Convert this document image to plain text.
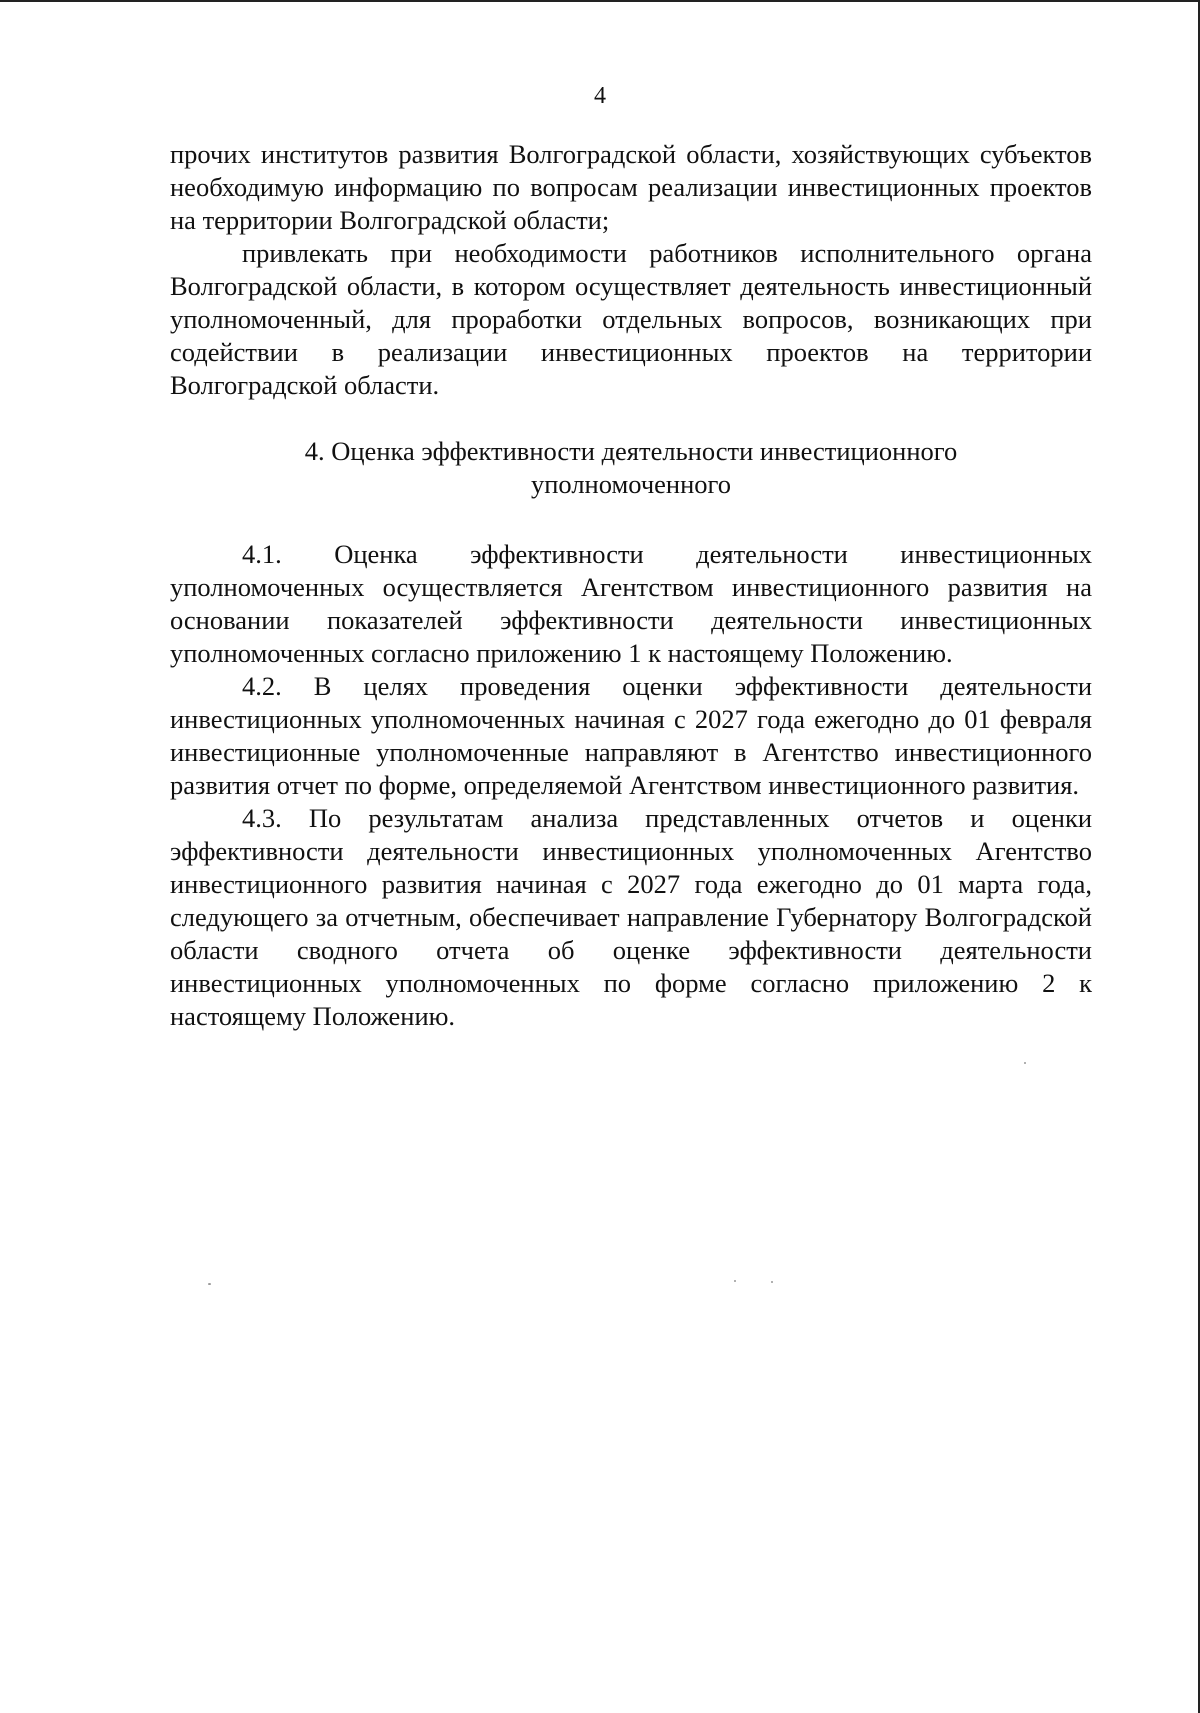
4

прочих институтов развития Волгоградской области, хозяйствующих субъектов необходимую информацию по вопросам реализации инвестиционных проектов на территории Волгоградской области;

привлекать при необходимости работников исполнительного органа Волгоградской области, в котором осуществляет деятельность инвестиционный уполномоченный, для проработки отдельных вопросов, возникающих при содействии в реализации инвестиционных проектов на территории Волгоградской области.

4. Оценка эффективности деятельности инвестиционного
уполномоченного

4.1. Оценка эффективности деятельности инвестиционных уполномоченных осуществляется Агентством инвестиционного развития на основании показателей эффективности деятельности инвестиционных уполномоченных согласно приложению 1 к настоящему Положению.

4.2. В целях проведения оценки эффективности деятельности инвестиционных уполномоченных начиная с 2027 года ежегодно до 01 февраля инвестиционные уполномоченные направляют в Агентство инвестиционного развития отчет по форме, определяемой Агентством инвестиционного развития.

4.3. По результатам анализа представленных отчетов и оценки эффективности деятельности инвестиционных уполномоченных Агентство инвестиционного развития начиная с 2027 года ежегодно до 01 марта года, следующего за отчетным, обеспечивает направление Губернатору Волгоградской области сводного отчета об оценке эффективности деятельности инвестиционных уполномоченных по форме согласно приложению 2 к настоящему Положению.
